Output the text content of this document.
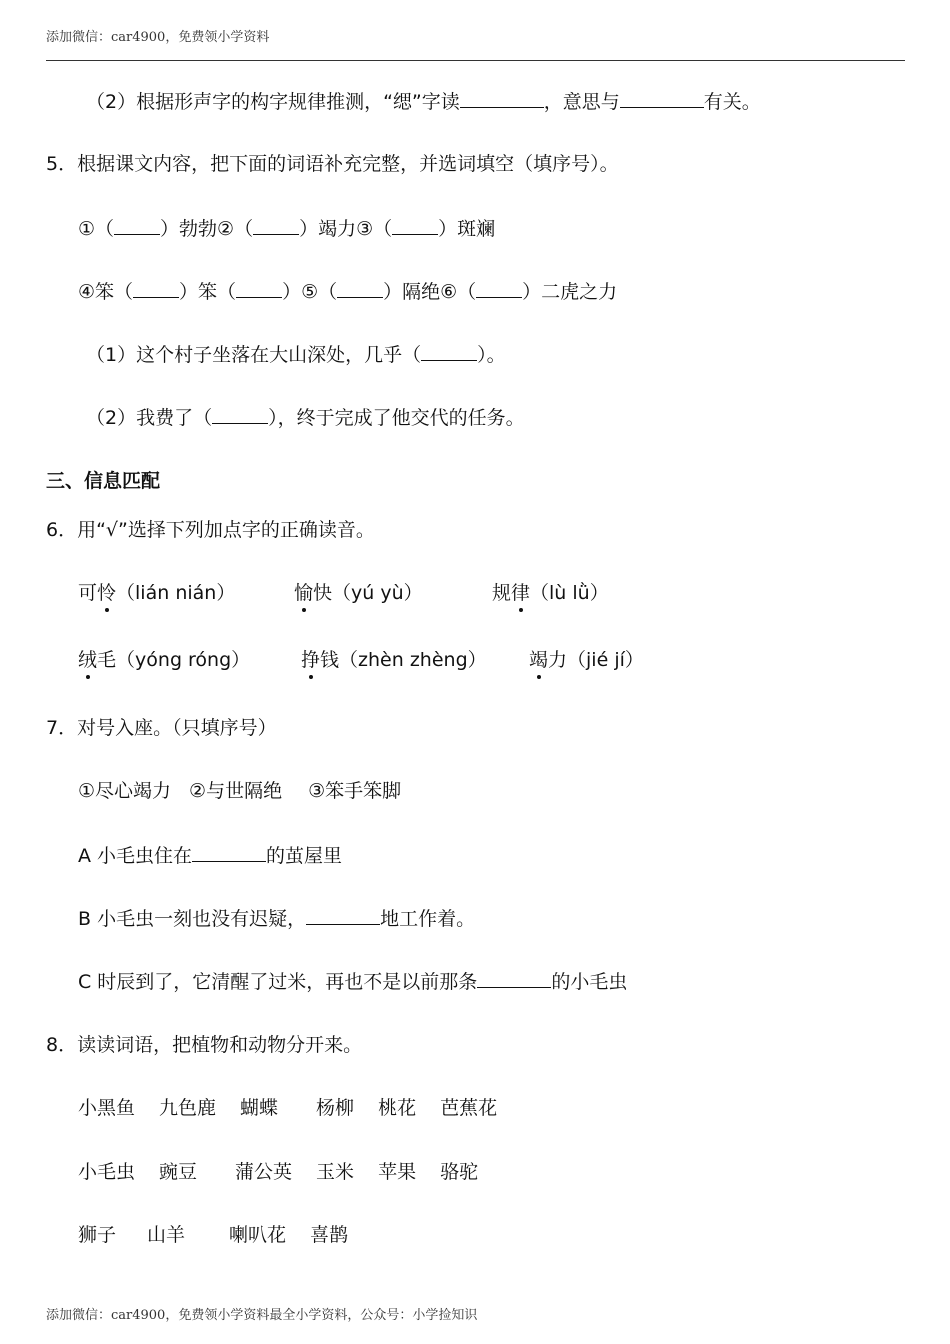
添加微信：car4900，免费领小学资料
（2）根据形声字的构字规律推测，“缌”字读	，意思与	有关。
5．根据课文内容，把下面的词语补充完整，并选词填空（填序号）。
①（ ）勃勃②（ ）竭力③（ ）斑斓
④笨（ ）笨（ ）⑤（ ）隔绝⑥（ ）二虎之力
（1）这个村子坐落在大山深处，几乎（	）。
（2）我费了（	），终于完成了他交代的任务。
三、信息匹配
6．用“√”选择下列加点字的正确读音。
可怜（lián nián）	愉快（yú yù）	规律（lù lǜ）
绒毛（yóng róng）	挣钱（zhèn zhèng） 竭力（jié jí）
7．对号入座。（只填序号）
①尽心竭力 ②与世隔绝 ③笨手笨脚
A 小毛虫住在	的茧屋里
B 小毛虫一刻也没有迟疑，	地工作着。
C 时辰到了，它清醒了过米，再也不是以前那条	的小毛虫
8．读读词语，把植物和动物分开来。
小黑鱼 九色鹿 蝴蝶 杨柳 桃花 芭蕉花
小毛虫 豌豆 蒲公英 玉米 苹果 骆驼
狮子 山羊 喇叭花 喜鹊
添加微信：car4900，免费领小学资料最全小学资料，公众号：小学捡知识
